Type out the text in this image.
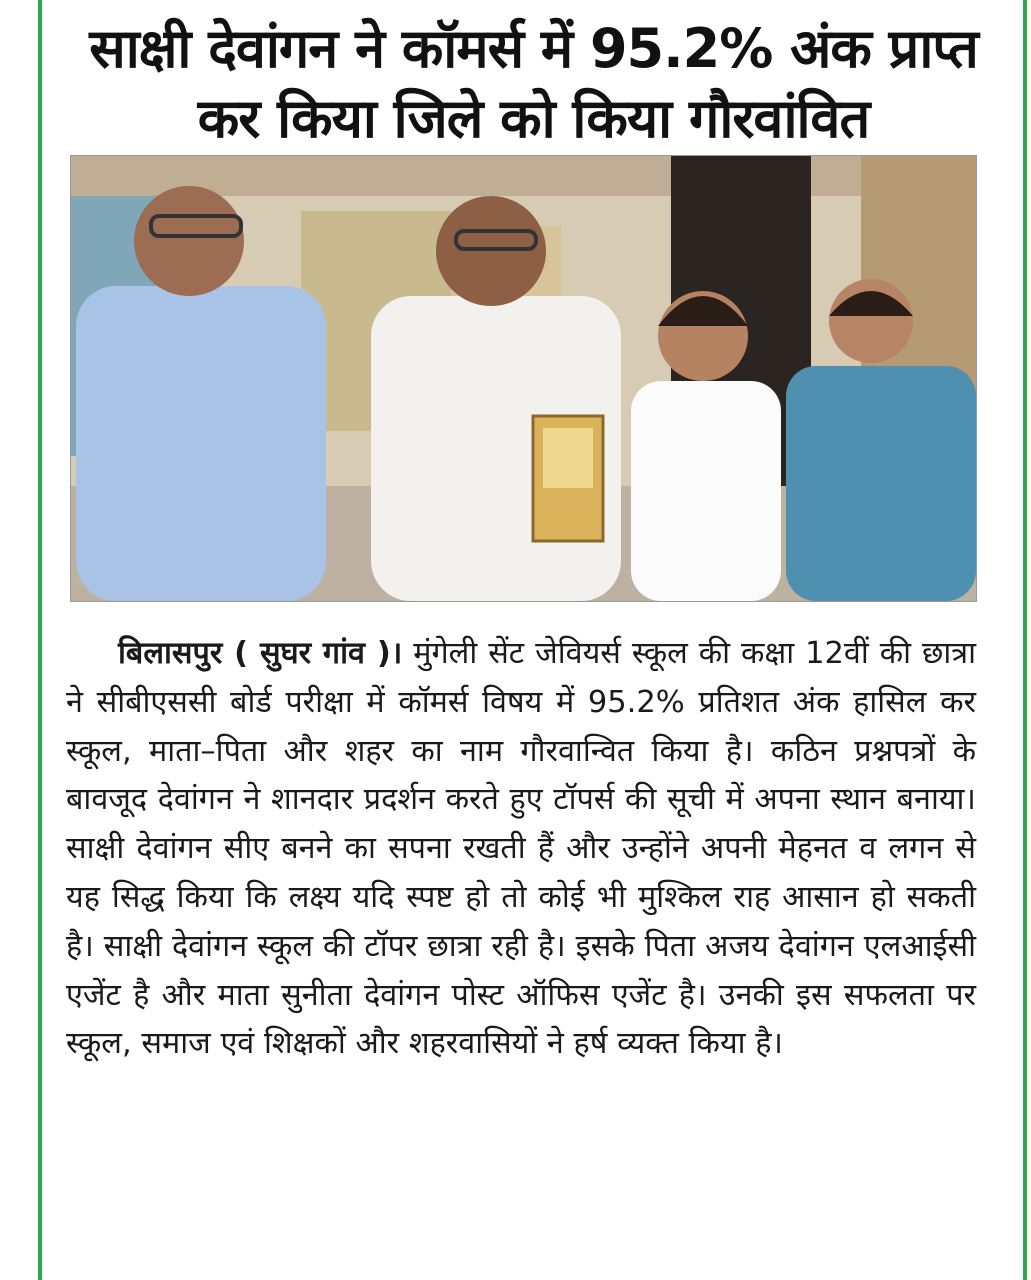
साक्षी देवांगन ने कॉमर्स में 95.2% अंक प्राप्त
कर किया जिले को किया गौरवांवित
बिलासपुर ( सुघर गांव )। मुंगेली सेंट जेवियर्स स्कूल की कक्षा 12वीं की छात्रा ने सीबीएससी बोर्ड परीक्षा में कॉमर्स विषय में 95.2% प्रतिशत अंक हासिल कर स्कूल, माता–पिता और शहर का नाम गौरवान्वित किया है। कठिन प्रश्नपत्रों के बावजूद देवांगन ने शानदार प्रदर्शन करते हुए टॉपर्स की सूची में अपना स्थान बनाया। साक्षी देवांगन सीए बनने का सपना रखती हैं और उन्होंने अपनी मेहनत व लगन से यह सिद्ध किया कि लक्ष्य यदि स्पष्ट हो तो कोई भी मुश्किल राह आसान हो सकती है। साक्षी देवांगन स्कूल की टॉपर छात्रा रही है। इसके पिता अजय देवांगन एलआईसी एजेंट है और माता सुनीता देवांगन पोस्ट ऑफिस एजेंट है। उनकी इस सफलता पर स्कूल, समाज एवं शिक्षकों और शहरवासियों ने हर्ष व्यक्त किया है।
